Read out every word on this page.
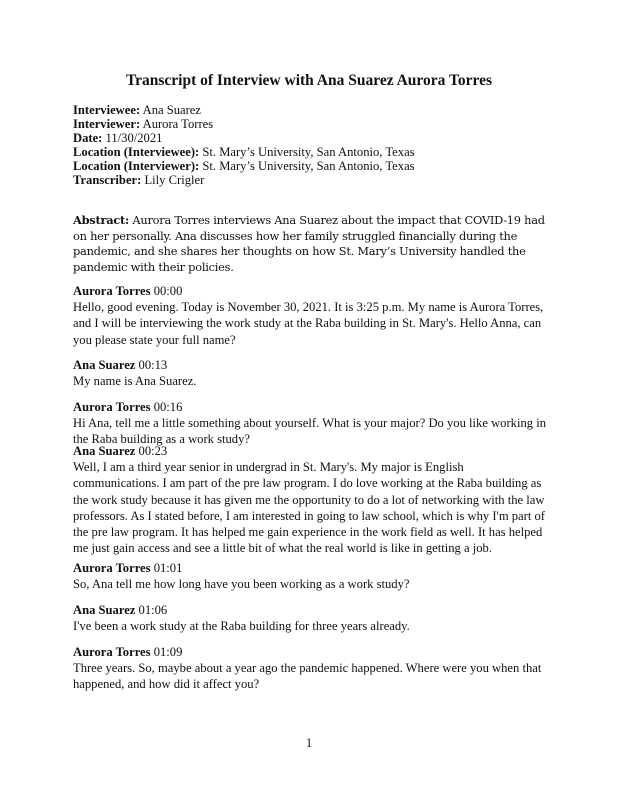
Transcript of Interview with Ana Suarez Aurora Torres
Interviewee: Ana Suarez
Interviewer: Aurora Torres
Date: 11/30/2021
Location (Interviewee): St. Mary’s University, San Antonio, Texas
Location (Interviewer): St. Mary’s University, San Antonio, Texas
Transcriber: Lily Crigler
Abstract: Aurora Torres interviews Ana Suarez about the impact that COVID-19 had on her personally. Ana discusses how her family struggled financially during the pandemic, and she shares her thoughts on how St. Mary’s University handled the pandemic with their policies.
Aurora Torres 00:00
Hello, good evening. Today is November 30, 2021. It is 3:25 p.m. My name is Aurora Torres, and I will be interviewing the work study at the Raba building in St. Mary's. Hello Anna, can you please state your full name?
Ana Suarez 00:13
My name is Ana Suarez.
Aurora Torres 00:16
Hi Ana, tell me a little something about yourself. What is your major? Do you like working in the Raba building as a work study?
Ana Suarez 00:23
Well, I am a third year senior in undergrad in St. Mary's. My major is English communications. I am part of the pre law program. I do love working at the Raba building as the work study because it has given me the opportunity to do a lot of networking with the law professors. As I stated before, I am interested in going to law school, which is why I'm part of the pre law program. It has helped me gain experience in the work field as well. It has helped me just gain access and see a little bit of what the real world is like in getting a job.
Aurora Torres 01:01
So, Ana tell me how long have you been working as a work study?
Ana Suarez 01:06
I've been a work study at the Raba building for three years already.
Aurora Torres 01:09
Three years. So, maybe about a year ago the pandemic happened. Where were you when that happened, and how did it affect you?
1
